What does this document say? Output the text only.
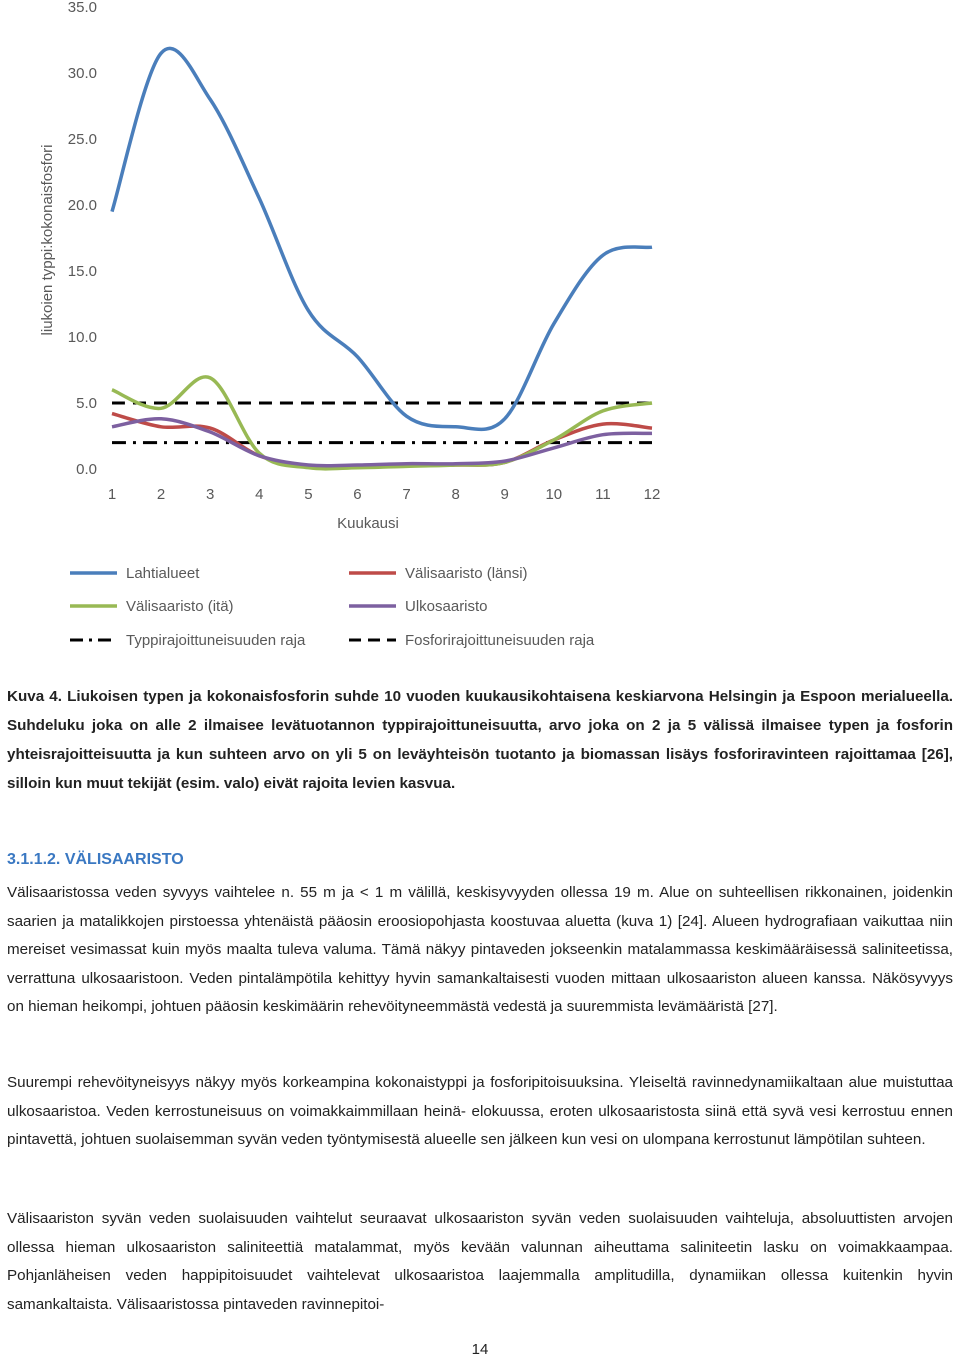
0.0
5.0
10.0
15.0
20.0
25.0
30.0
35.0
1	2	3	4	5	6	7	8	9 10 11 12
liukoien typpi:kokonaisfosfori
Kuukausi
Lahtialueet	Välisaaristo (länsi)
Välisaaristo (itä)	Ulkosaaristo
Typpirajoittuneisuuden raja	Fosforirajoittuneisuuden raja

Kuva 4. Liukoisen typen ja kokonaisfosforin suhde 10 vuoden kuukausikohtaisena keskiarvona Helsingin ja Espoon merialueella. Suhdeluku joka on alle 2 ilmaisee levätuotannon typpirajoittuneisuutta, arvo joka on 2 ja 5 välissä ilmaisee typen ja fosforin yhteisrajoitteisuutta ja kun suhteen arvo on yli 5 on leväyhteisön tuotanto ja biomassan lisäys fosforiravinteen rajoittamaa [26], silloin kun muut tekijät (esim. valo) eivät rajoita levien kasvua.

3.1.1.2. VÄLISAARISTO

Välisaaristossa veden syvyys vaihtelee n. 55 m ja < 1 m välillä, keskisyvyyden ollessa 19 m. Alue on suhteellisen rikkonainen, joidenkin saarien ja matalikkojen pirstoessa yhtenäistä pääosin eroosiopohjasta koostuvaa aluetta (kuva 1) [24]. Alueen hydrografiaan vaikuttaa niin mereiset vesimassat kuin myös maalta tuleva valuma. Tämä näkyy pintaveden jokseenkin matalammassa keskimääräisessä saliniteetissa, verrattuna ulkosaaristoon. Veden pintalämpötila kehittyy hyvin samankaltaisesti vuoden mittaan ulkosaariston alueen kanssa. Näkösyvyys on hieman heikompi, johtuen pääosin keskimäärin rehevöityneemmästä vedestä ja suuremmista levämääristä [27].

Suurempi rehevöityneisyys näkyy myös korkeampina kokonaistyppi ja fosforipitoisuuksina. Yleiseltä ravinnedynamiikaltaan alue muistuttaa ulkosaaristoa. Veden kerrostuneisuus on voimakkaimmillaan heinä- elokuussa, eroten ulkosaaristosta siinä että syvä vesi kerrostuu ennen pintavettä, johtuen suolaisemman syvän veden työntymisestä alueelle sen jälkeen kun vesi on ulompana kerrostunut lämpötilan suhteen.

Välisaariston syvän veden suolaisuuden vaihtelut seuraavat ulkosaariston syvän veden suolaisuuden vaihteluja, absoluuttisten arvojen ollessa hieman ulkosaariston saliniteettiä matalammat, myös kevään valunnan aiheuttama saliniteetin lasku on voimakkaampaa. Pohjanläheisen veden happipitoisuudet vaihtelevat ulkosaaristoa laajemmalla amplitudilla, dynamiikan ollessa kuitenkin hyvin samankaltaista. Välisaaristossa pintaveden ravinnepitoi-

14
